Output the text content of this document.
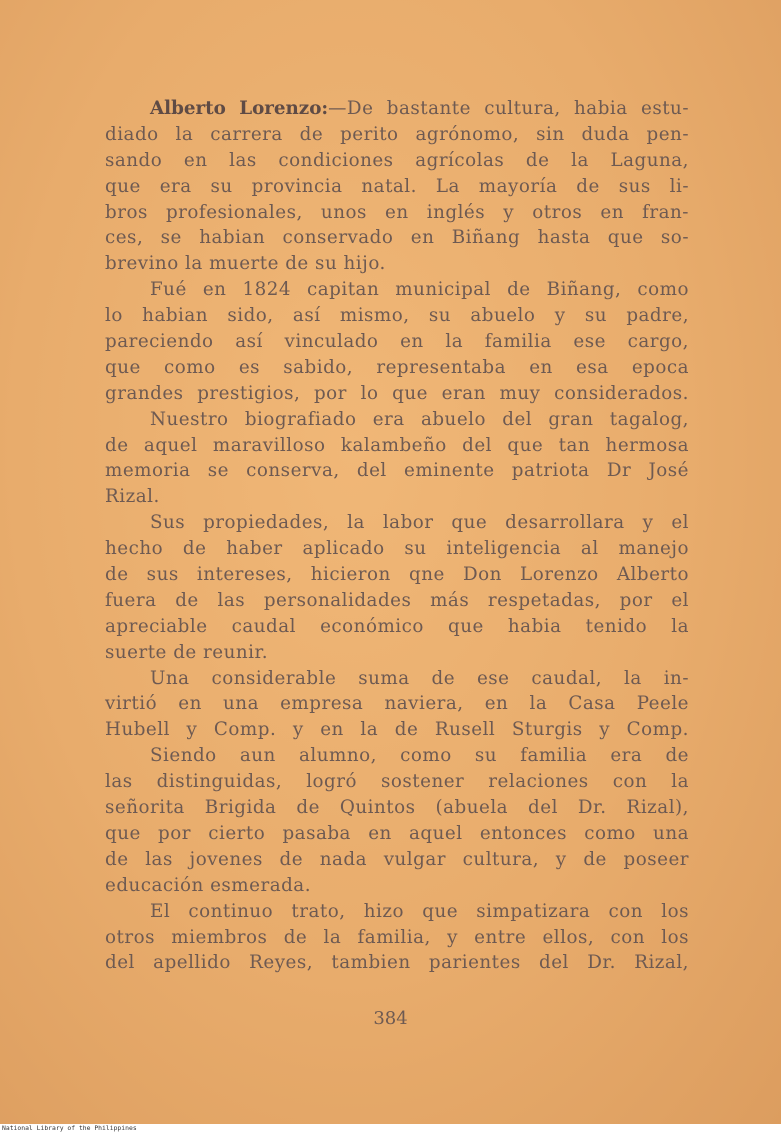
Alberto Lorenzo:—De bastante cultura, habia estu-
diado la carrera de perito agrónomo, sin duda pen-
sando en las condiciones agrícolas de la Laguna,
que era su provincia natal. La mayoría de sus li-
bros profesionales, unos en inglés y otros en fran-
ces, se habian conservado en Biñang hasta que so-
brevino la muerte de su hijo.
Fué en 1824 capitan municipal de Biñang, como
lo habian sido, así mismo, su abuelo y su padre,
pareciendo así vinculado en la familia ese cargo,
que como es sabido, representaba en esa epoca
grandes prestigios, por lo que eran muy considerados.
Nuestro biografiado era abuelo del gran tagalog,
de aquel maravilloso kalambeño del que tan hermosa
memoria se conserva, del eminente patriota Dr José
Rizal.
Sus propiedades, la labor que desarrollara y el
hecho de haber aplicado su inteligencia al manejo
de sus intereses, hicieron qne Don Lorenzo Alberto
fuera de las personalidades más respetadas, por el
apreciable caudal económico que habia tenido la
suerte de reunir.
Una considerable suma de ese caudal, la in-
virtió en una empresa naviera, en la Casa Peele
Hubell y Comp. y en la de Rusell Sturgis y Comp.
Siendo aun alumno, como su familia era de
las distinguidas, logró sostener relaciones con la
señorita Brigida de Quintos (abuela del Dr. Rizal),
que por cierto pasaba en aquel entonces como una
de las jovenes de nada vulgar cultura, y de poseer
educación esmerada.
El continuo trato, hizo que simpatizara con los
otros miembros de la familia, y entre ellos, con los
del apellido Reyes, tambien parientes del Dr. Rizal,
384
National Library of the Philippines
